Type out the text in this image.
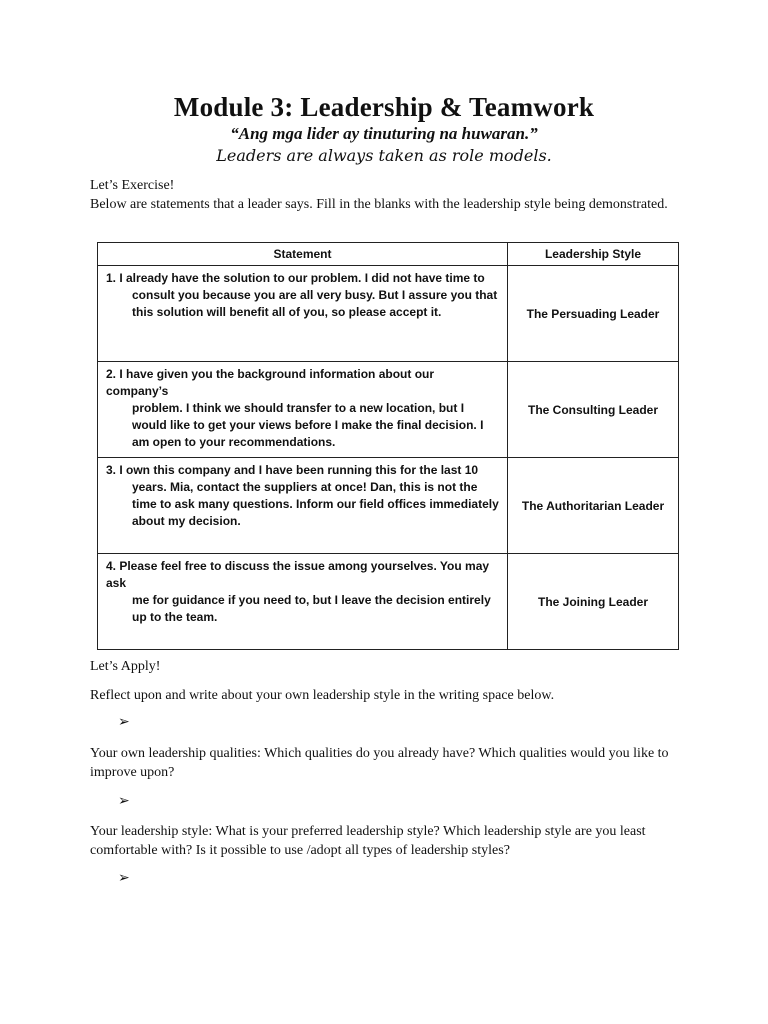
Module 3: Leadership & Teamwork
“Ang mga lider ay tinuturing na huwaran.”
Leaders are always taken as role models.
Let’s Exercise!
Below are statements that a leader says. Fill in the blanks with the leadership style being demonstrated.
Statement	Leadership Style

1. I already have the solution to our problem. I did not have time to
consult you because you are all very busy. But I assure you that this solution will benefit all of you, so please accept it.	The Persuading Leader

2. I have given you the background information about our company’s
problem. I think we should transfer to a new location, but I would like to get your views before I make the final decision. I am open to your recommendations.	The Consulting Leader

3. I own this company and I have been running this for the last 10
years. Mia, contact the suppliers at once! Dan, this is not the time to ask many questions. Inform our field offices immediately about my decision.	The Authoritarian Leader

4. Please feel free to discuss the issue among yourselves. You may ask
me for guidance if you need to, but I leave the decision entirely up to the team.	The Joining Leader
Let’s Apply!
Reflect upon and write about your own leadership style in the writing space below.
➢
Your own leadership qualities: Which qualities do you already have? Which qualities would you like to improve upon?
➢
Your leadership style: What is your preferred leadership style? Which leadership style are you least comfortable with? Is it possible to use /adopt all types of leadership styles?
➢
